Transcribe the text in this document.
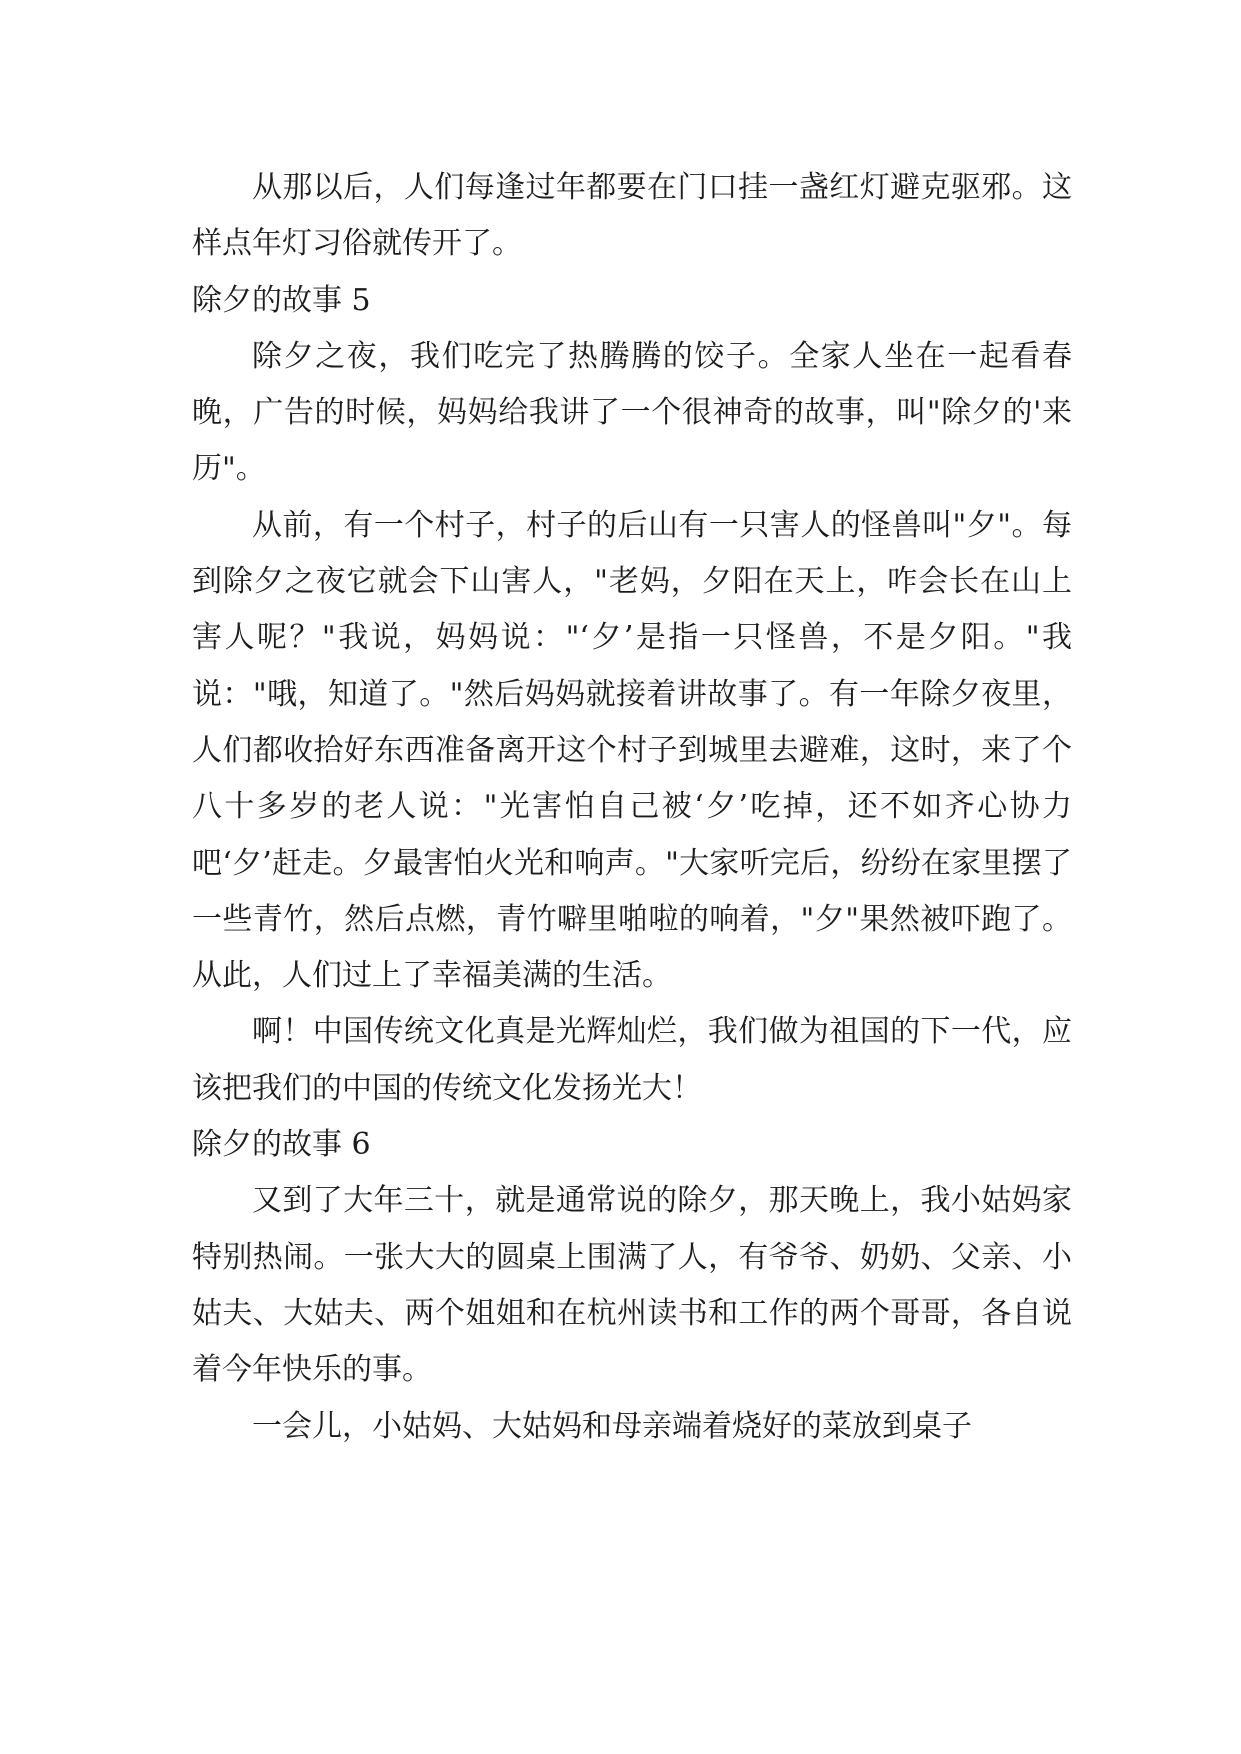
从那以后，人们每逢过年都要在门口挂一盏红灯避克驱邪。这样点年灯习俗就传开了。

除夕的故事 5

除夕之夜，我们吃完了热腾腾的饺子。全家人坐在一起看春晚，广告的时候，妈妈给我讲了一个很神奇的故事，叫"除夕的'来历"。

从前，有一个村子，村子的后山有一只害人的怪兽叫"夕"。每到除夕之夜它就会下山害人，"老妈，夕阳在天上，咋会长在山上害人呢？"我说，妈妈说："‘夕’是指一只怪兽，不是夕阳。"我说："哦，知道了。"然后妈妈就接着讲故事了。有一年除夕夜里，人们都收拾好东西准备离开这个村子到城里去避难，这时，来了个八十多岁的老人说："光害怕自己被‘夕’吃掉，还不如齐心协力吧‘夕’赶走。夕最害怕火光和响声。"大家听完后，纷纷在家里摆了一些青竹，然后点燃，青竹噼里啪啦的响着，"夕"果然被吓跑了。从此，人们过上了幸福美满的生活。

啊！中国传统文化真是光辉灿烂，我们做为祖国的下一代，应该把我们的中国的传统文化发扬光大！

除夕的故事 6

又到了大年三十，就是通常说的除夕，那天晚上，我小姑妈家特别热闹。一张大大的圆桌上围满了人，有爷爷、奶奶、父亲、小姑夫、大姑夫、两个姐姐和在杭州读书和工作的两个哥哥，各自说着今年快乐的事。

一会儿，小姑妈、大姑妈和母亲端着烧好的菜放到桌子
